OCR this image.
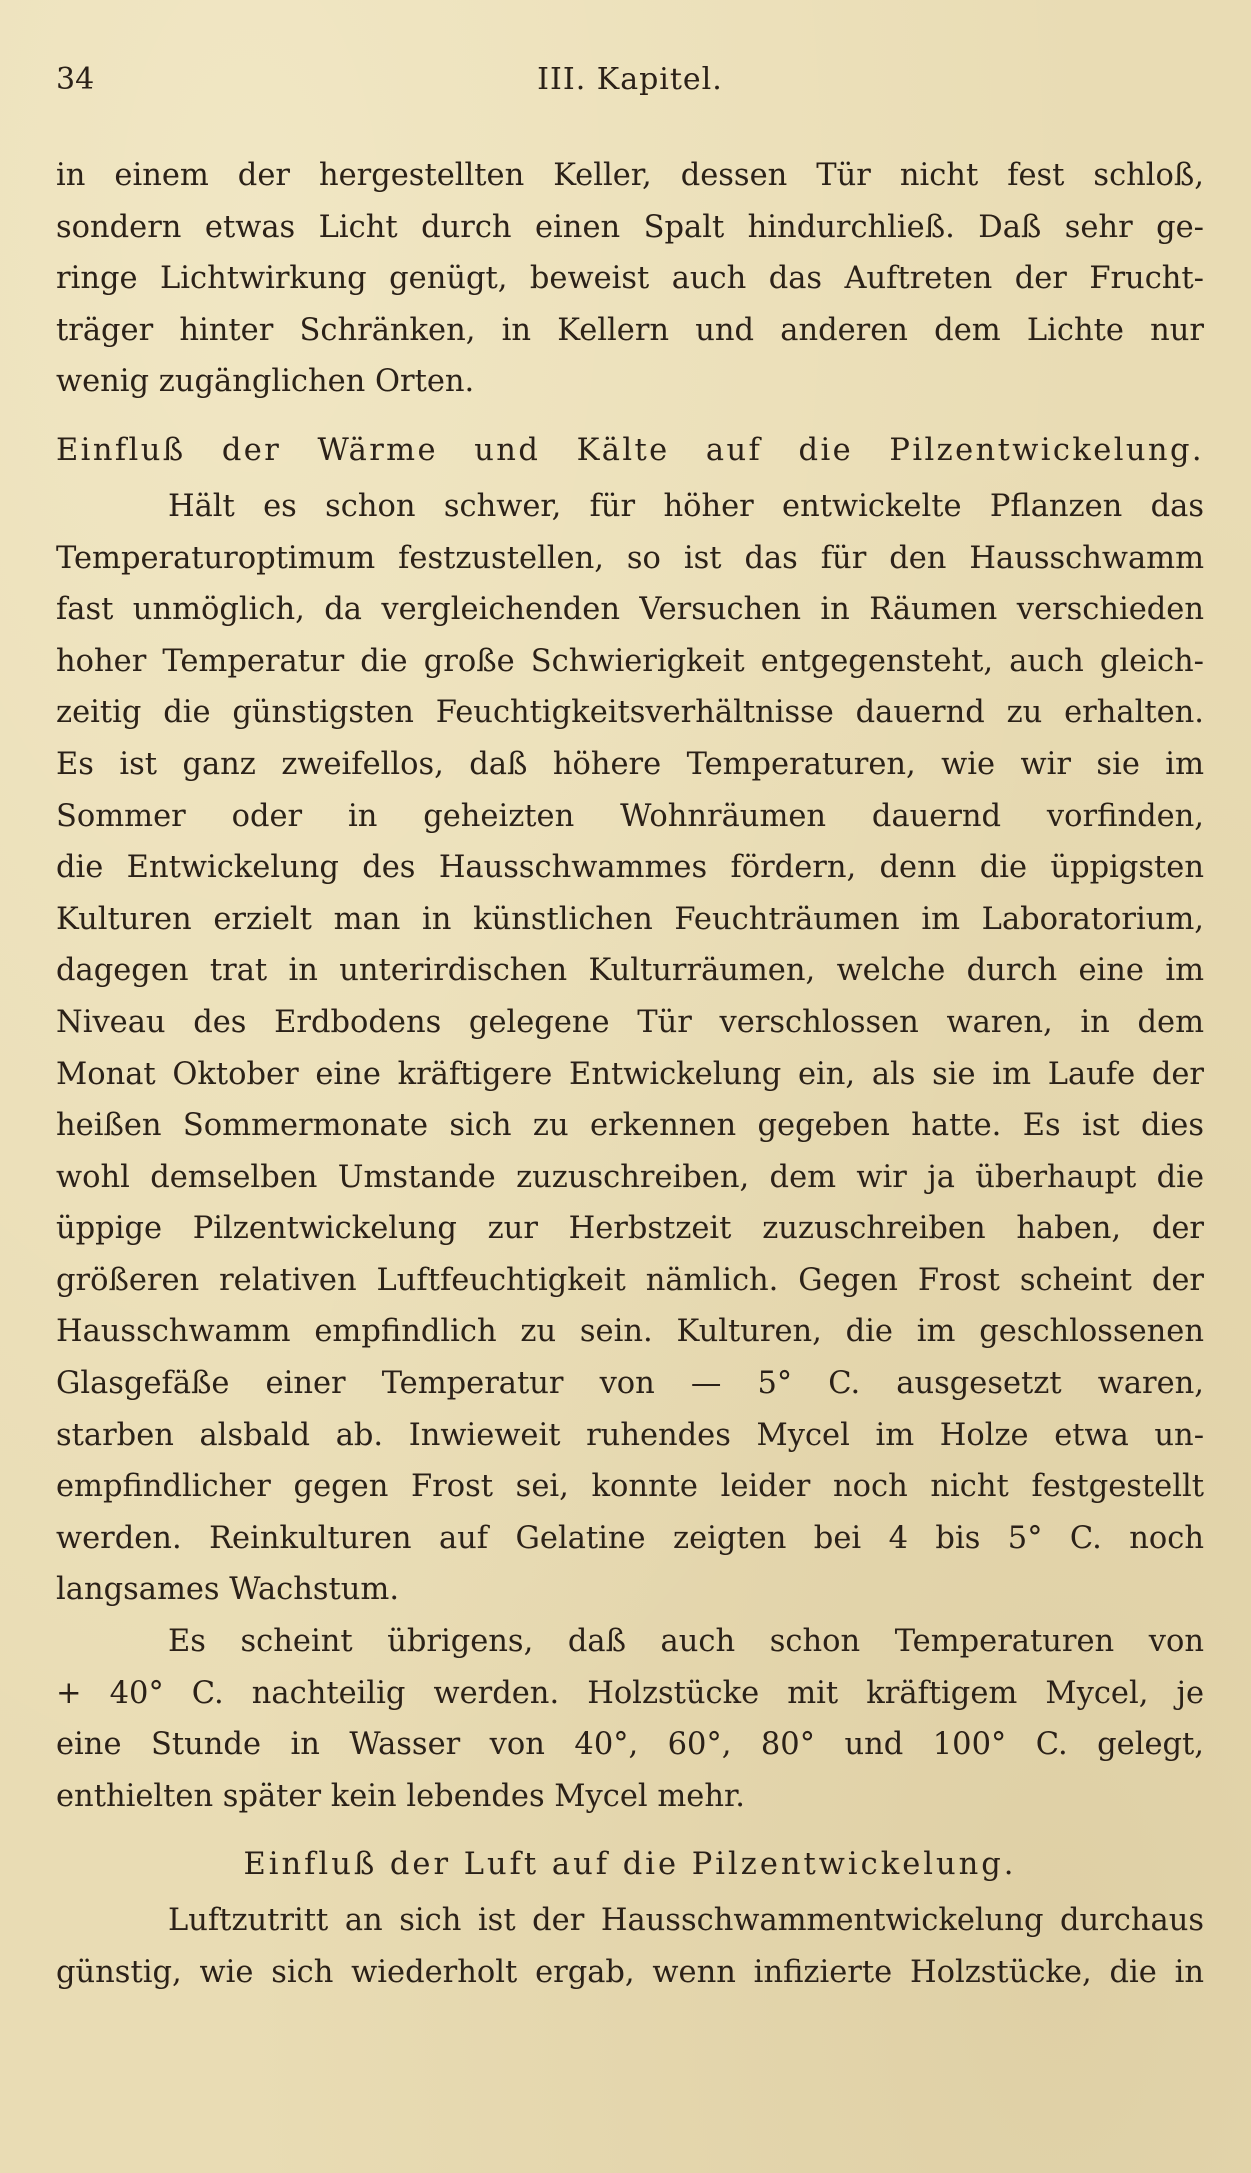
34	III. Kapitel.
in einem der hergestellten Keller, dessen Tür nicht fest schloß,
sondern etwas Licht durch einen Spalt hindurchließ. Daß sehr ge-
ringe Lichtwirkung genügt, beweist auch das Auftreten der Frucht-
träger hinter Schränken, in Kellern und anderen dem Lichte nur
wenig zugänglichen Orten.
Einfluß der Wärme und Kälte auf die Pilzentwickelung.
Hält es schon schwer, für höher entwickelte Pflanzen das
Temperaturoptimum festzustellen, so ist das für den Hausschwamm
fast unmöglich, da vergleichenden Versuchen in Räumen verschieden
hoher Temperatur die große Schwierigkeit entgegensteht, auch gleich-
zeitig die günstigsten Feuchtigkeitsverhältnisse dauernd zu erhalten.
Es ist ganz zweifellos, daß höhere Temperaturen, wie wir sie im
Sommer oder in geheizten Wohnräumen dauernd vorfinden,
die Entwickelung des Hausschwammes fördern, denn die üppigsten
Kulturen erzielt man in künstlichen Feuchträumen im Laboratorium,
dagegen trat in unterirdischen Kulturräumen, welche durch eine im
Niveau des Erdbodens gelegene Tür verschlossen waren, in dem
Monat Oktober eine kräftigere Entwickelung ein, als sie im Laufe der
heißen Sommermonate sich zu erkennen gegeben hatte. Es ist dies
wohl demselben Umstande zuzuschreiben, dem wir ja überhaupt die
üppige Pilzentwickelung zur Herbstzeit zuzuschreiben haben, der
größeren relativen Luftfeuchtigkeit nämlich. Gegen Frost scheint der
Hausschwamm empfindlich zu sein. Kulturen, die im geschlossenen
Glasgefäße einer Temperatur von — 5° C. ausgesetzt waren,
starben alsbald ab. Inwieweit ruhendes Mycel im Holze etwa un-
empfindlicher gegen Frost sei, konnte leider noch nicht festgestellt
werden. Reinkulturen auf Gelatine zeigten bei 4 bis 5° C. noch
langsames Wachstum.
Es scheint übrigens, daß auch schon Temperaturen von
+ 40° C. nachteilig werden. Holzstücke mit kräftigem Mycel, je
eine Stunde in Wasser von 40°, 60°, 80° und 100° C. gelegt,
enthielten später kein lebendes Mycel mehr.
Einfluß der Luft auf die Pilzentwickelung.
Luftzutritt an sich ist der Hausschwammentwickelung durchaus
günstig, wie sich wiederholt ergab, wenn infizierte Holzstücke, die in
